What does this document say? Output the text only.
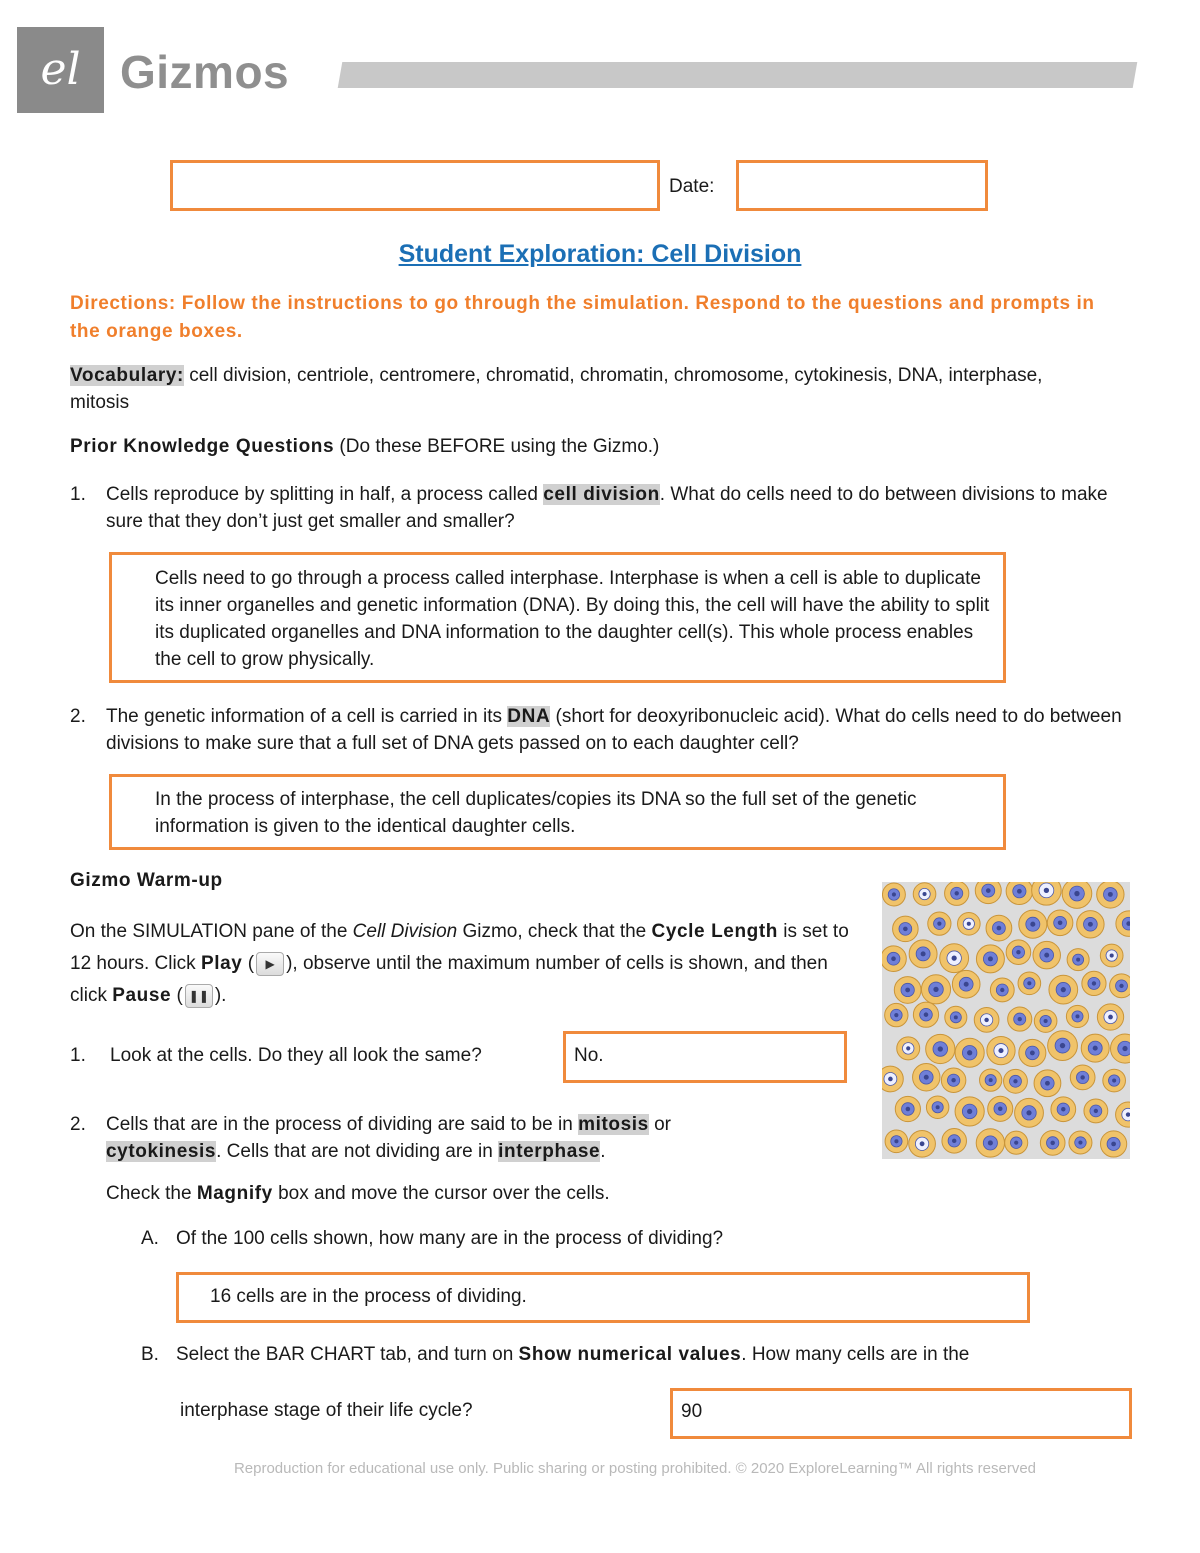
el Gizmos
Date:
Student Exploration: Cell Division
Directions: Follow the instructions to go through the simulation. Respond to the questions and prompts in the orange boxes.
Vocabulary: cell division, centriole, centromere, chromatid, chromatin, chromosome, cytokinesis, DNA, interphase, mitosis
Prior Knowledge Questions (Do these BEFORE using the Gizmo.)
1. Cells reproduce by splitting in half, a process called cell division. What do cells need to do between divisions to make sure that they don’t just get smaller and smaller?
Cells need to go through a process called interphase. Interphase is when a cell is able to duplicate its inner organelles and genetic information (DNA). By doing this, the cell will have the ability to split its duplicated organelles and DNA information to the daughter cell(s). This whole process enables the cell to grow physically.
2. The genetic information of a cell is carried in its DNA (short for deoxyribonucleic acid). What do cells need to do between divisions to make sure that a full set of DNA gets passed on to each daughter cell?
In the process of interphase, the cell duplicates/copies its DNA so the full set of the genetic information is given to the identical daughter cells.
Gizmo Warm-up
On the SIMULATION pane of the Cell Division Gizmo, check that the Cycle Length is set to 12 hours. Click Play ( ▶ ), observe until the maximum number of cells is shown, and then click Pause ( ❚❚ ).
1. Look at the cells. Do they all look the same?	No.
2. Cells that are in the process of dividing are said to be in mitosis or cytokinesis. Cells that are not dividing are in interphase.
Check the Magnify box and move the cursor over the cells.
A. Of the 100 cells shown, how many are in the process of dividing?
16 cells are in the process of dividing.
B. Select the BAR CHART tab, and turn on Show numerical values. How many cells are in the
interphase stage of their life cycle?	90
Reproduction for educational use only. Public sharing or posting prohibited. © 2020 ExploreLearning™ All rights reserved
